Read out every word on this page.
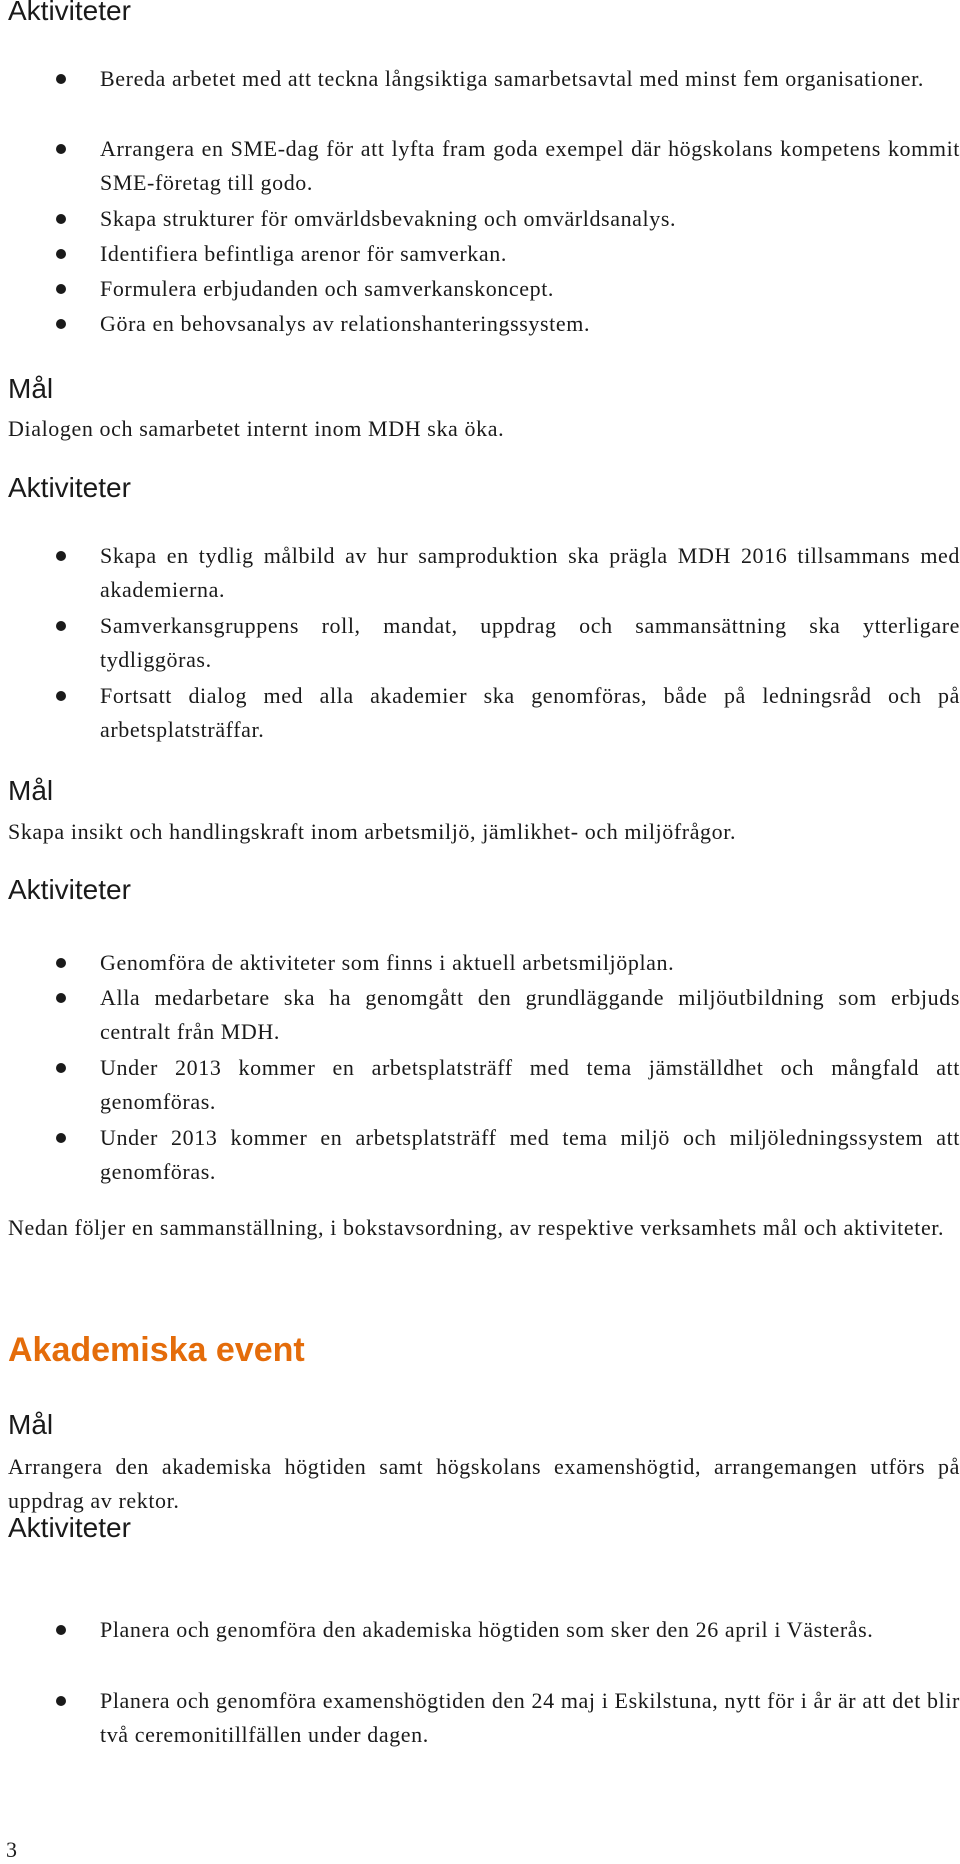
Aktiviteter

Bereda arbetet med att teckna långsiktiga samarbetsavtal med minst fem organisationer.

Arrangera en SME-dag för att lyfta fram goda exempel där högskolans kompetens kommit SME-företag till godo.

Skapa strukturer för omvärldsbevakning och omvärldsanalys.

Identifiera befintliga arenor för samverkan.

Formulera erbjudanden och samverkanskoncept.

Göra en behovsanalys av relationshanteringssystem.

Mål

Dialogen och samarbetet internt inom MDH ska öka.

Aktiviteter

Skapa en tydlig målbild av hur samproduktion ska prägla MDH 2016 tillsammans med akademierna.

Samverkansgruppens roll, mandat, uppdrag och sammansättning ska ytterligare tydliggöras.

Fortsatt dialog med alla akademier ska genomföras, både på ledningsråd och på arbetsplatsträffar.

Mål

Skapa insikt och handlingskraft inom arbetsmiljö, jämlikhet- och miljöfrågor.

Aktiviteter

Genomföra de aktiviteter som finns i aktuell arbetsmiljöplan.

Alla medarbetare ska ha genomgått den grundläggande miljöutbildning som erbjuds centralt från MDH.

Under 2013 kommer en arbetsplatsträff med tema jämställdhet och mångfald att genomföras.

Under 2013 kommer en arbetsplatsträff med tema miljö och miljöledningssystem att genomföras.

Nedan följer en sammanställning, i bokstavsordning, av respektive verksamhets mål och aktiviteter.

Akademiska event
Mål

Arrangera den akademiska högtiden samt högskolans examenshögtid, arrangemangen utförs på uppdrag av rektor.

Aktiviteter

Planera och genomföra den akademiska högtiden som sker den 26 april i Västerås.

Planera och genomföra examenshögtiden den 24 maj i Eskilstuna, nytt för i år är att det blir två ceremonitillfällen under dagen.

3
